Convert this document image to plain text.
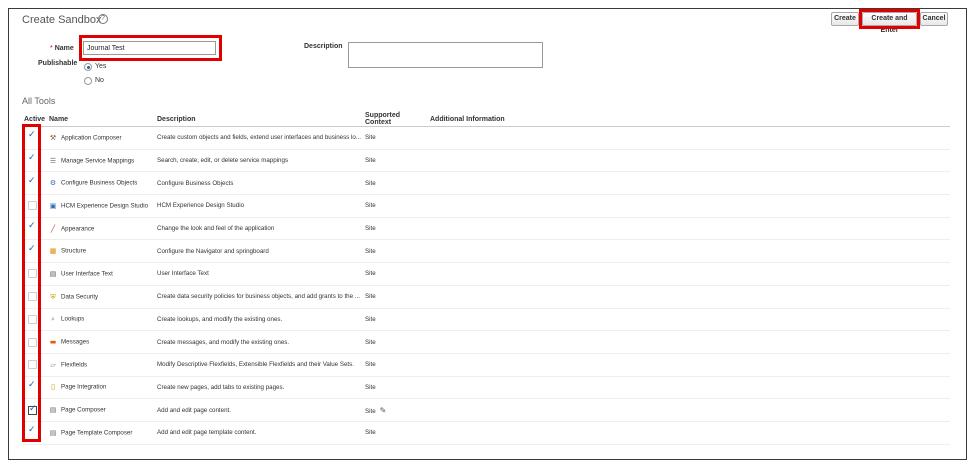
Create Sandbox ?	Create	Create and Enter
Cancel
* Name
Journal Test	Description
Publishable	Yes
No
All Tools
Active	Name	Description	Supported Context	Additional Information
✓	⚒ Application Composer	Create custom objects and fields, extend user interfaces and business lo...	Site	
✓	☰ Manage Service Mappings	Search, create, edit, or delete service mappings	Site	
✓	⚙ Configure Business Objects	Configure Business Objects	Site	
	▣ HCM Experience Design Studio	HCM Experience Design Studio	Site	
✓	╱ Appearance	Change the look and feel of the application	Site	
✓	▦ Structure	Configure the Navigator and springboard	Site	
	▤ User Interface Text	User Interface Text	Site	
	⛨ Data Security	Create data security policies for business objects, and add grants to the ...	Site	
	⌕ Lookups	Create lookups, and modify the existing ones.	Site	
	▬ Messages	Create messages, and modify the existing ones.	Site	
	▱ Flexfields	Modify Descriptive Flexfields, Extensible Flexfields and their Value Sets.	Site	
✓	▯ Page Integration	Create new pages, add tabs to existing pages.	Site	
✓	▤ Page Composer	Add and edit page content.	Site ✎	
✓	▤ Page Template Composer	Add and edit page template content.	Site	
